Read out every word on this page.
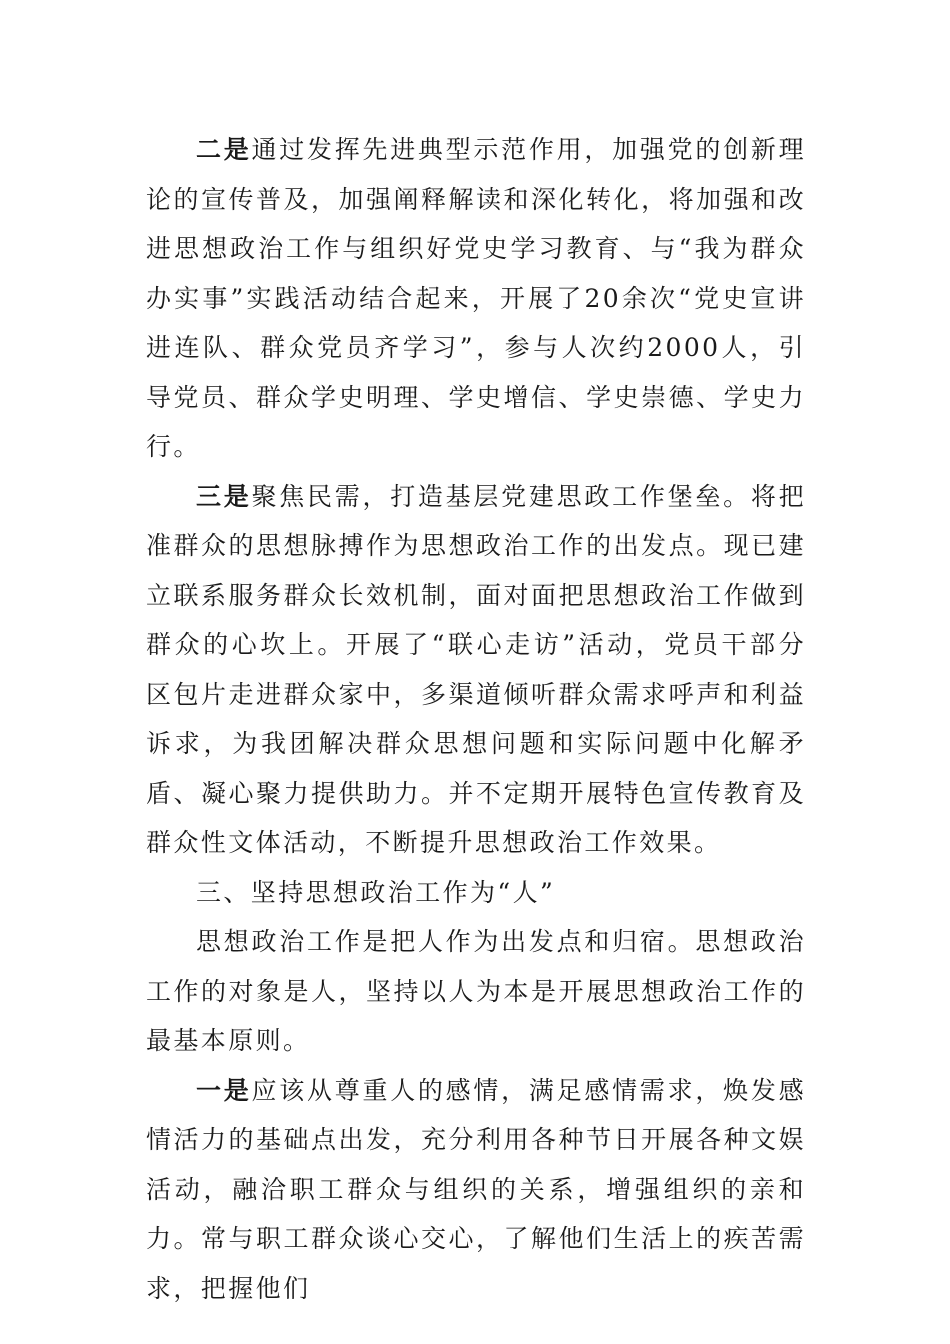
二是通过发挥先进典型示范作用，加强党的创新理论的宣传普及，加强阐释解读和深化转化，将加强和改进思想政治工作与组织好党史学习教育、与“我为群众办实事”实践活动结合起来，开展了20余次“党史宣讲进连队、群众党员齐学习”，参与人次约2000人，引导党员、群众学史明理、学史增信、学史崇德、学史力行。

三是聚焦民需，打造基层党建思政工作堡垒。将把准群众的思想脉搏作为思想政治工作的出发点。现已建立联系服务群众长效机制，面对面把思想政治工作做到群众的心坎上。开展了“联心走访”活动，党员干部分区包片走进群众家中，多渠道倾听群众需求呼声和利益诉求，为我团解决群众思想问题和实际问题中化解矛盾、凝心聚力提供助力。并不定期开展特色宣传教育及群众性文体活动，不断提升思想政治工作效果。

三、坚持思想政治工作为“人”

思想政治工作是把人作为出发点和归宿。思想政治工作的对象是人，坚持以人为本是开展思想政治工作的最基本原则。

一是应该从尊重人的感情，满足感情需求，焕发感情活力的基础点出发，充分利用各种节日开展各种文娱活动，融洽职工群众与组织的关系，增强组织的亲和力。常与职工群众谈心交心，了解他们生活上的疾苦需求，把握他们
